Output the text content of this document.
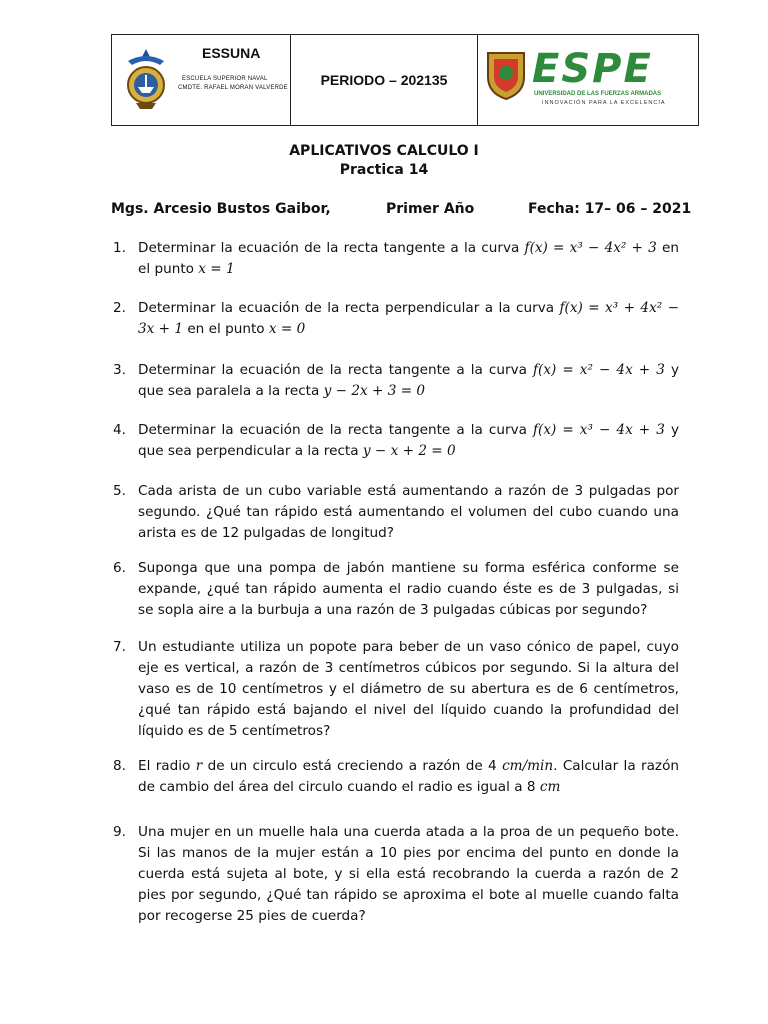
ESSUNA
ESCUELA SUPERIOR NAVAL
CMDTE. RAFAEL MORAN VALVERDE PERIODO – 202135 ESPE
UNIVERSIDAD DE LAS FUERZAS ARMADAS
INNOVACIÓN PARA LA EXCELENCIA
APLICATIVOS CALCULO I
Practica 14
Mgs. Arcesio Bustos Gaibor,	Primer Año	Fecha: 17– 06 – 2021
1. Determinar la ecuación de la recta tangente a la curva f(x) = x³ − 4x² + 3 en el punto x = 1
2. Determinar la ecuación de la recta perpendicular a la curva f(x) = x³ + 4x² − 3x + 1 en el punto x = 0
3. Determinar la ecuación de la recta tangente a la curva f(x) = x² − 4x + 3 y que sea paralela a la recta y − 2x + 3 = 0
4. Determinar la ecuación de la recta tangente a la curva f(x) = x³ − 4x + 3 y que sea perpendicular a la recta y − x + 2 = 0
5. Cada arista de un cubo variable está aumentando a razón de 3 pulgadas por segundo. ¿Qué tan rápido está aumentando el volumen del cubo cuando una arista es de 12 pulgadas de longitud?
6. Suponga que una pompa de jabón mantiene su forma esférica conforme se expande, ¿qué tan rápido aumenta el radio cuando éste es de 3 pulgadas, si se sopla aire a la burbuja a una razón de 3 pulgadas cúbicas por segundo?
7. Un estudiante utiliza un popote para beber de un vaso cónico de papel, cuyo eje es vertical, a razón de 3 centímetros cúbicos por segundo. Si la altura del vaso es de 10 centímetros y el diámetro de su abertura es de 6 centímetros, ¿qué tan rápido está bajando el nivel del líquido cuando la profundidad del líquido es de 5 centímetros?
8. El radio r de un circulo está creciendo a razón de 4 cm/min. Calcular la razón de cambio del área del circulo cuando el radio es igual a 8 cm
9. Una mujer en un muelle hala una cuerda atada a la proa de un pequeño bote. Si las manos de la mujer están a 10 pies por encima del punto en donde la cuerda está sujeta al bote, y si ella está recobrando la cuerda a razón de 2 pies por segundo, ¿Qué tan rápido se aproxima el bote al muelle cuando falta por recogerse 25 pies de cuerda?
